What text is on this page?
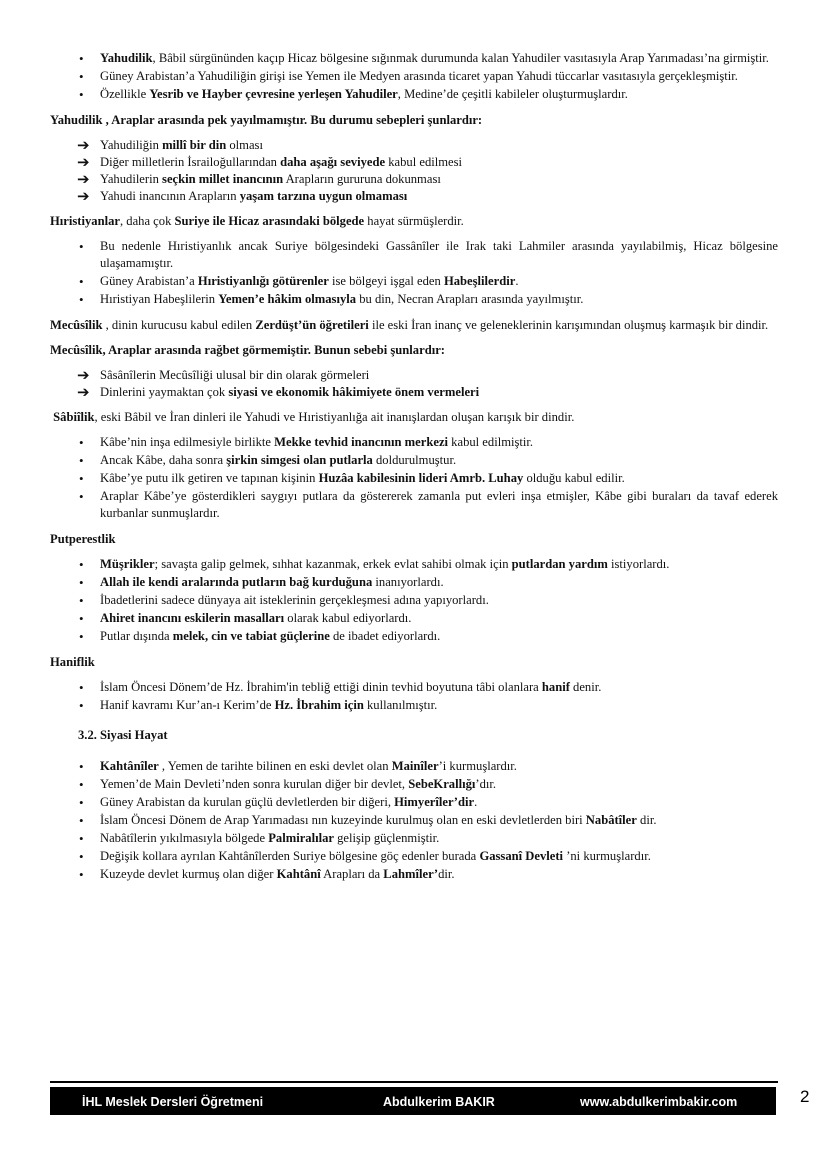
• Yahudilik, Bâbil sürgününden kaçıp Hicaz bölgesine sığınmak durumunda kalan Yahudiler vasıtasıyla Arap Yarımadası’na girmiştir.
• Güney Arabistan’a Yahudiliğin girişi ise Yemen ile Medyen arasında ticaret yapan Yahudi tüccarlar vasıtasıyla gerçekleşmiştir.
• Özellikle Yesrib ve Hayber çevresine yerleşen Yahudiler, Medine’de çeşitli kabileler oluşturmuşlardır.

Yahudilik , Araplar arasında pek yayılmamıştır. Bu durumu sebepleri şunlardır:

➔ Yahudiliğin millî bir din olması
➔ Diğer milletlerin İsrailoğullarından daha aşağı seviyede kabul edilmesi
➔ Yahudilerin seçkin millet inancının Arapların gururuna dokunması
➔ Yahudi inancının Arapların yaşam tarzına uygun olmaması

Hıristiyanlar, daha çok Suriye ile Hicaz arasındaki bölgede hayat sürmüşlerdir.

• Bu nedenle Hıristiyanlık ancak Suriye bölgesindeki Gassânîler ile Irak taki Lahmiler arasında yayılabilmiş, Hicaz bölgesine ulaşamamıştır.
• Güney Arabistan’a Hıristiyanlığı götürenler ise bölgeyi işgal eden Habeşlilerdir.
• Hıristiyan Habeşlilerin Yemen’e hâkim olmasıyla bu din, Necran Arapları arasında yayılmıştır.

Mecûsîlik , dinin kurucusu kabul edilen Zerdüşt’ün öğretileri ile eski İran inanç ve geleneklerinin karışımından oluşmuş karmaşık bir dindir.

Mecûsîlik, Araplar arasında rağbet görmemiştir. Bunun sebebi şunlardır:

➔ Sâsânîlerin Mecûsîliği ulusal bir din olarak görmeleri
➔ Dinlerini yaymaktan çok siyasi ve ekonomik hâkimiyete önem vermeleri

Sâbiîlik, eski Bâbil ve İran dinleri ile Yahudi ve Hıristiyanlığa ait inanışlardan oluşan karışık bir dindir.

• Kâbe’nin inşa edilmesiyle birlikte Mekke tevhid inancının merkezi kabul edilmiştir.
• Ancak Kâbe, daha sonra şirkin simgesi olan putlarla doldurulmuştur.
• Kâbe’ye putu ilk getiren ve tapınan kişinin Huzâa kabilesinin lideri Amrb. Luhay olduğu kabul edilir.
• Araplar Kâbe’ye gösterdikleri saygıyı putlara da göstererek zamanla put evleri inşa etmişler, Kâbe gibi buraları da tavaf ederek kurbanlar sunmuşlardır.

Putperestlik

• Müşrikler; savaşta galip gelmek, sıhhat kazanmak, erkek evlat sahibi olmak için putlardan yardım istiyorlardı.
• Allah ile kendi aralarında putların bağ kurduğuna inanıyorlardı.
• İbadetlerini sadece dünyaya ait isteklerinin gerçekleşmesi adına yapıyorlardı.
• Ahiret inancını eskilerin masalları olarak kabul ediyorlardı.
• Putlar dışında melek, cin ve tabiat güçlerine de ibadet ediyorlardı.

Haniflik

• İslam Öncesi Dönem’de Hz. İbrahim'in tebliğ ettiği dinin tevhid boyutuna tâbi olanlara hanif denir.
• Hanif kavramı Kur’an-ı Kerim’de Hz. İbrahim için kullanılmıştır.

3.2. Siyasi Hayat

• Kahtânîler , Yemen de tarihte bilinen en eski devlet olan Mainîler’i kurmuşlardır.
• Yemen’de Main Devleti’nden sonra kurulan diğer bir devlet, SebeKrallığı’dır.
• Güney Arabistan da kurulan güçlü devletlerden bir diğeri, Himyerîler’dir.
• İslam Öncesi Dönem de Arap Yarımadası nın kuzeyinde kurulmuş olan en eski devletlerden biri Nabâtîler dir.
• Nabâtîlerin yıkılmasıyla bölgede Palmiralılar gelişip güçlenmiştir.
• Değişik kollara ayrılan Kahtânîlerden Suriye bölgesine göç edenler burada Gassanî Devleti ’ni kurmuşlardır.
• Kuzeyde devlet kurmuş olan diğer Kahtânî Arapları da Lahmîler’dir.
İHL Meslek Dersleri Öğretmeni	Abdulkerim BAKIR	www.abdulkerimbakir.com	2
